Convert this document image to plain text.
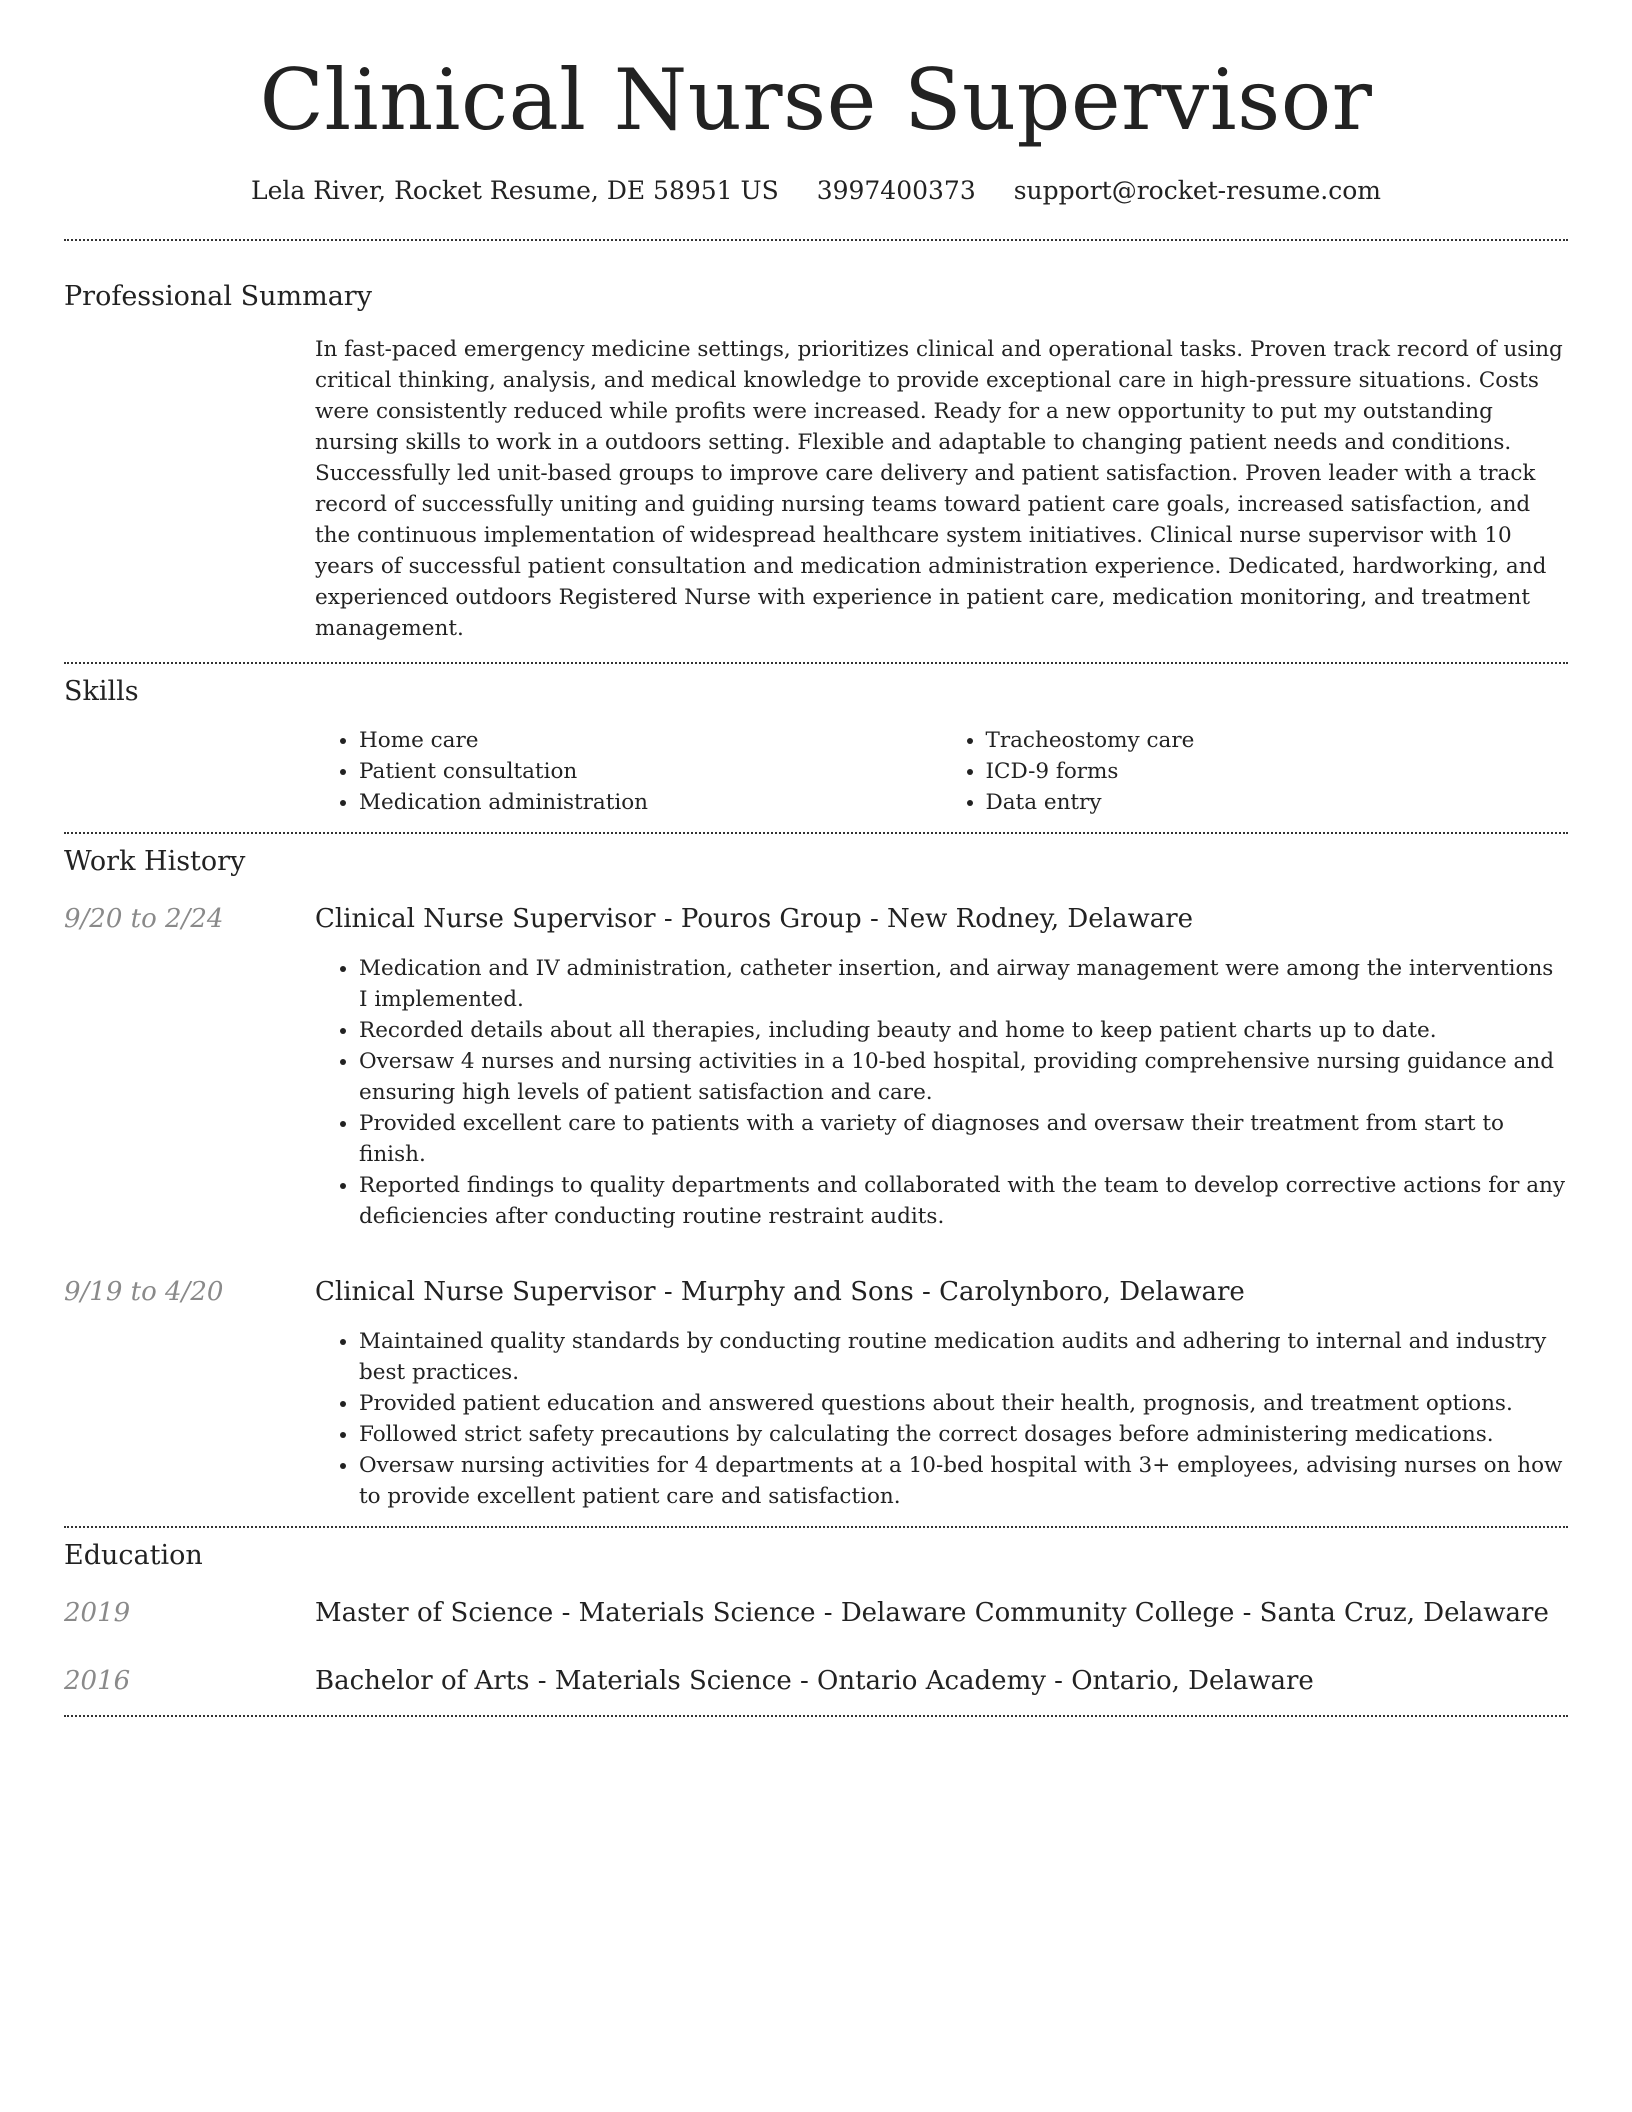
Clinical Nurse Supervisor
Lela River, Rocket Resume, DE 58951 US 3997400373 support@rocket-resume.com
Professional Summary

In fast-paced emergency medicine settings, prioritizes clinical and operational tasks. Proven track record of using critical thinking, analysis, and medical knowledge to provide exceptional care in high-pressure situations. Costs were consistently reduced while profits were increased. Ready for a new opportunity to put my outstanding nursing skills to work in a outdoors setting. Flexible and adaptable to changing patient needs and conditions. Successfully led unit-based groups to improve care delivery and patient satisfaction. Proven leader with a track record of successfully uniting and guiding nursing teams toward patient care goals, increased satisfaction, and the continuous implementation of widespread healthcare system initiatives. Clinical nurse supervisor with 10 years of successful patient consultation and medication administration experience. Dedicated, hardworking, and experienced outdoors Registered Nurse with experience in patient care, medication monitoring, and treatment management.

Skills
• Home care
• Patient consultation
• Medication administration
• Tracheostomy care
• ICD-9 forms
• Data entry
Work History
9/20 to 2/24	Clinical Nurse Supervisor - Pouros Group - New Rodney, Delaware
• Medication and IV administration, catheter insertion, and airway management were among the interventions I implemented.
• Recorded details about all therapies, including beauty and home to keep patient charts up to date.
• Oversaw 4 nurses and nursing activities in a 10-bed hospital, providing comprehensive nursing guidance and ensuring high levels of patient satisfaction and care.
• Provided excellent care to patients with a variety of diagnoses and oversaw their treatment from start to finish.
• Reported findings to quality departments and collaborated with the team to develop corrective actions for any deficiencies after conducting routine restraint audits.
9/19 to 4/20	Clinical Nurse Supervisor - Murphy and Sons - Carolynboro, Delaware
• Maintained quality standards by conducting routine medication audits and adhering to internal and industry best practices.
• Provided patient education and answered questions about their health, prognosis, and treatment options.
• Followed strict safety precautions by calculating the correct dosages before administering medications.
• Oversaw nursing activities for 4 departments at a 10-bed hospital with 3+ employees, advising nurses on how to provide excellent patient care and satisfaction.
Education
2019	Master of Science - Materials Science - Delaware Community College - Santa Cruz, Delaware
2016	Bachelor of Arts - Materials Science - Ontario Academy - Ontario, Delaware
